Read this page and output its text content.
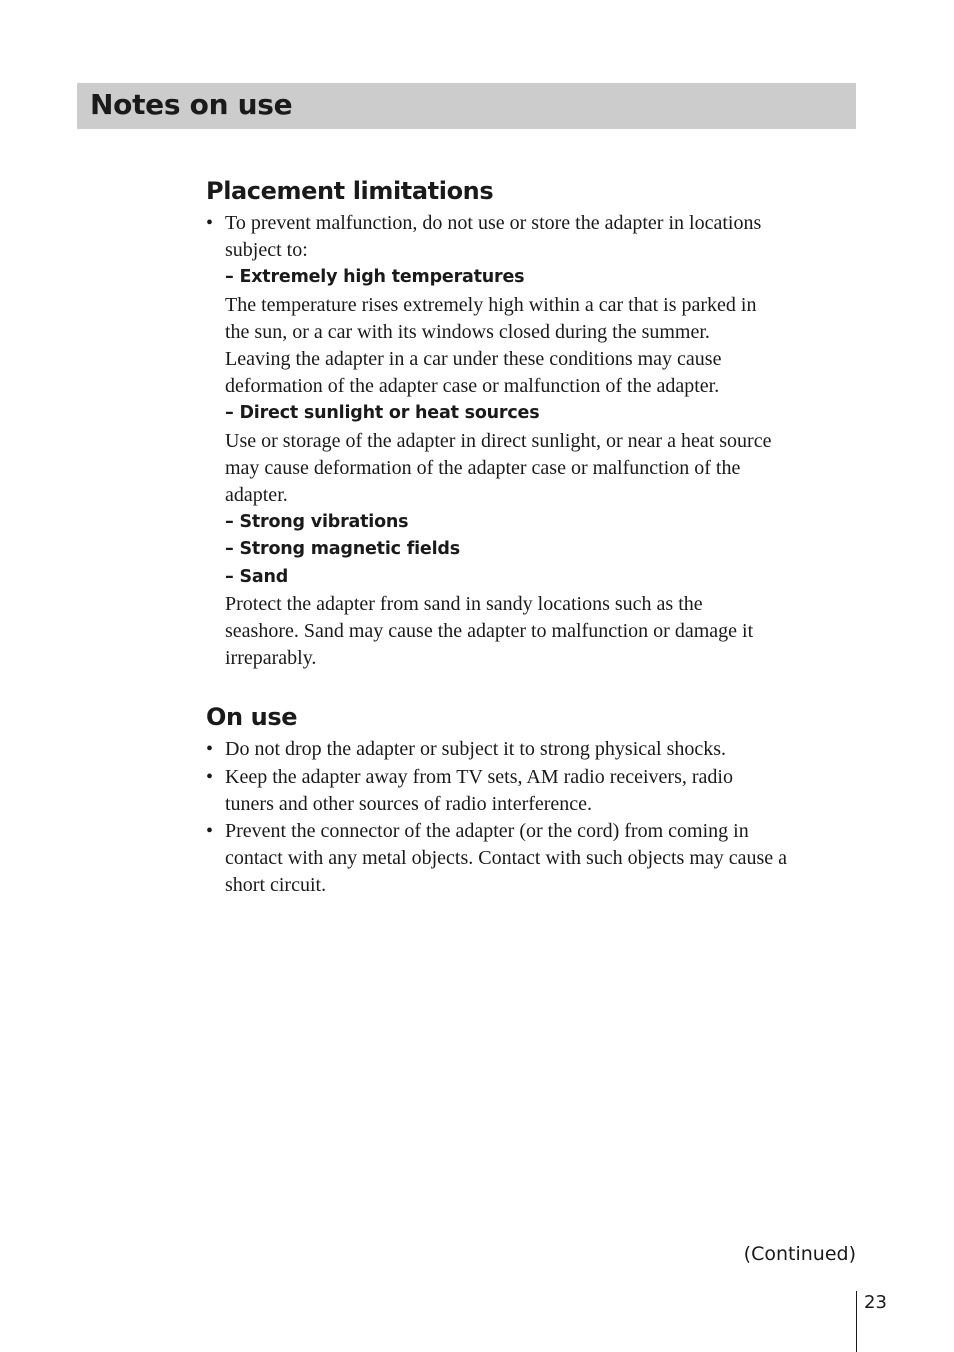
Notes on use
Placement limitations
• To prevent malfunction, do not use or store the adapter in locations
subject to:
– Extremely high temperatures
The temperature rises extremely high within a car that is parked in
the sun, or a car with its windows closed during the summer.
Leaving the adapter in a car under these conditions may cause
deformation of the adapter case or malfunction of the adapter.
– Direct sunlight or heat sources
Use or storage of the adapter in direct sunlight, or near a heat source
may cause deformation of the adapter case or malfunction of the
adapter.
– Strong vibrations
– Strong magnetic fields
– Sand
Protect the adapter from sand in sandy locations such as the
seashore. Sand may cause the adapter to malfunction or damage it
irreparably.
On use
• Do not drop the adapter or subject it to strong physical shocks.
• Keep the adapter away from TV sets, AM radio receivers, radio
tuners and other sources of radio interference.
• Prevent the connector of the adapter (or the cord) from coming in
contact with any metal objects. Contact with such objects may cause a
short circuit.
(Continued)
23
